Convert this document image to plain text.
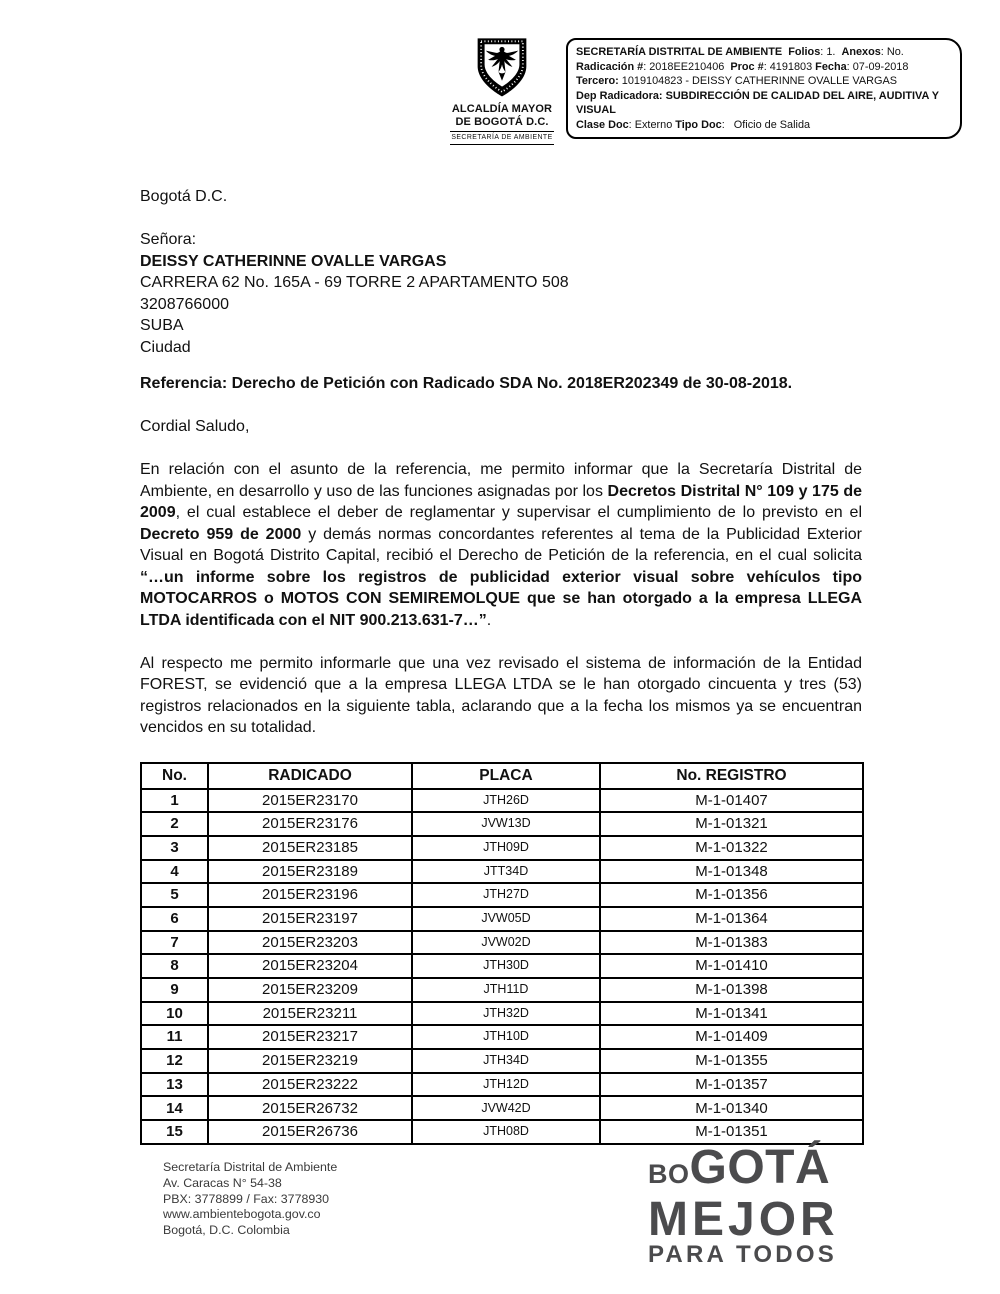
ALCALDÍA MAYOR
DE BOGOTÁ D.C.
SECRETARÍA DE AMBIENTE
SECRETARÍA DISTRITAL DE AMBIENTE Folios: 1.  Anexos: No.
Radicación #: 2018EE210406  Proc #: 4191803 Fecha: 07-09-2018
Tercero: 1019104823 - DEISSY CATHERINNE OVALLE VARGAS
Dep Radicadora: SUBDIRECCIÓN DE CALIDAD DEL AIRE, AUDITIVA Y VISUAL
Clase Doc: Externo Tipo Doc:   Oficio de Salida
Bogotá D.C.
Señora:
DEISSY CATHERINNE OVALLE VARGAS
CARRERA 62 No. 165A - 69 TORRE 2 APARTAMENTO 508
3208766000
SUBA
Ciudad
Referencia: Derecho de Petición con Radicado SDA No. 2018ER202349 de 30-08-2018.
Cordial Saludo,
En relación con el asunto de la referencia, me permito informar que la Secretaría Distrital de Ambiente, en desarrollo y uso de las funciones asignadas por los Decretos Distrital N° 109 y 175 de 2009, el cual establece el deber de reglamentar y supervisar el cumplimiento de lo previsto en el Decreto 959 de 2000 y demás normas concordantes referentes al tema de la Publicidad Exterior Visual en Bogotá Distrito Capital, recibió el Derecho de Petición de la referencia, en el cual solicita “…un informe sobre los registros de publicidad exterior visual sobre vehículos tipo MOTOCARROS o MOTOS CON SEMIREMOLQUE que se han otorgado a la empresa LLEGA LTDA identificada con el NIT 900.213.631-7…”.
Al respecto me permito informarle que una vez revisado el sistema de información de la Entidad FOREST, se evidenció que a la empresa LLEGA LTDA se le han otorgado cincuenta y tres (53) registros relacionados en la siguiente tabla, aclarando que a la fecha los mismos ya se encuentran vencidos en su totalidad.
No.	RADICADO	PLACA	No. REGISTRO
1	2015ER23170	JTH26D	M-1-01407
2	2015ER23176	JVW13D	M-1-01321
3	2015ER23185	JTH09D	M-1-01322
4	2015ER23189	JTT34D	M-1-01348
5	2015ER23196	JTH27D	M-1-01356
6	2015ER23197	JVW05D	M-1-01364
7	2015ER23203	JVW02D	M-1-01383
8	2015ER23204	JTH30D	M-1-01410
9	2015ER23209	JTH11D	M-1-01398
10	2015ER23211	JTH32D	M-1-01341
11	2015ER23217	JTH10D	M-1-01409
12	2015ER23219	JTH34D	M-1-01355
13	2015ER23222	JTH12D	M-1-01357
14	2015ER26732	JVW42D	M-1-01340
15	2015ER26736	JTH08D	M-1-01351
Secretaría Distrital de Ambiente
Av. Caracas N° 54-38
PBX: 3778899 / Fax: 3778930
www.ambientebogota.gov.co
Bogotá, D.C. Colombia
BOGOTÁ
MEJOR
PARA TODOS
